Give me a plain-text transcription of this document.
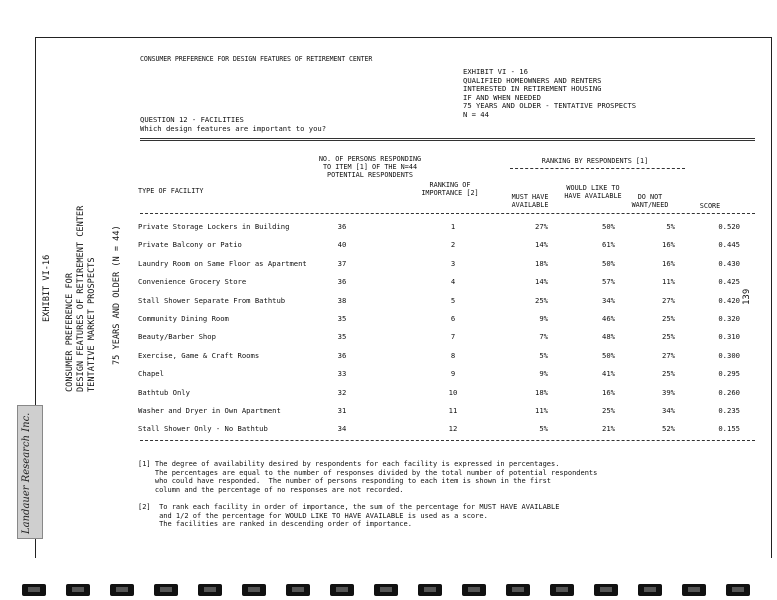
CONSUMER PREFERENCE FOR DESIGN FEATURES OF RETIREMENT CENTER
EXHIBIT VI - 16
QUALIFIED HOMEOWNERS AND RENTERS
INTERESTED IN RETIREMENT HOUSING
IF AND WHEN NEEDED
75 YEARS AND OLDER - TENTATIVE PROSPECTS
N = 44
QUESTION 12 - FACILITIES
Which design features are important to you?
NO. OF PERSONS RESPONDING TO ITEM [1] OF THE N=44 POTENTIAL RESPONDENTS
TYPE OF FACILITY
RANKING OF IMPORTANCE [2]
RANKING BY RESPONDENTS [1]
MUST HAVE AVAILABLE
WOULD LIKE TO HAVE AVAILABLE	DO NOT WANT/NEED	SCORE
Private Storage Lockers in Building	36	1	27%	50%	5%	0.520
Private Balcony or Patio	40	2	14%	61%	16%	0.445
Laundry Room on Same Floor as Apartment	37	3	18%	50%	16%	0.430
Convenience Grocery Store	36	4	14%	57%	11%	0.425
Stall Shower Separate From Bathtub	38	5	25%	34%	27%	0.420
Community Dining Room	35	6	9%	46%	25%	0.320
Beauty/Barber Shop	35	7	7%	48%	25%	0.310
Exercise, Game & Craft Rooms	36	8	5%	50%	27%	0.300
Chapel	33	9	9%	41%	25%	0.295
Bathtub Only	32	10	18%	16%	39%	0.260
Washer and Dryer in Own Apartment	31	11	11%	25%	34%	0.235
Stall Shower Only - No Bathtub	34	12	5%	21%	52%	0.155
[1] The degree of availability desired by respondents for each facility is expressed in percentages.
The percentages are equal to the number of responses divided by the total number of potential respondents
who could have responded.  The number of persons responding to each item is shown in the first
column and the percentage of no responses are not recorded.
[2]  To rank each facility in order of importance, the sum of the percentage for MUST HAVE AVAILABLE
and 1/2 of the percentage for WOULD LIKE TO HAVE AVAILABLE is used as a score.
The facilities are ranked in descending order of importance.
EXHIBIT VI-16
CONSUMER PREFERENCE FOR
DESIGN FEATURES OF RETIREMENT CENTER
TENTATIVE MARKET PROSPECTS 75 YEARS AND OLDER (N = 44)	139
Landauer Research Inc.
